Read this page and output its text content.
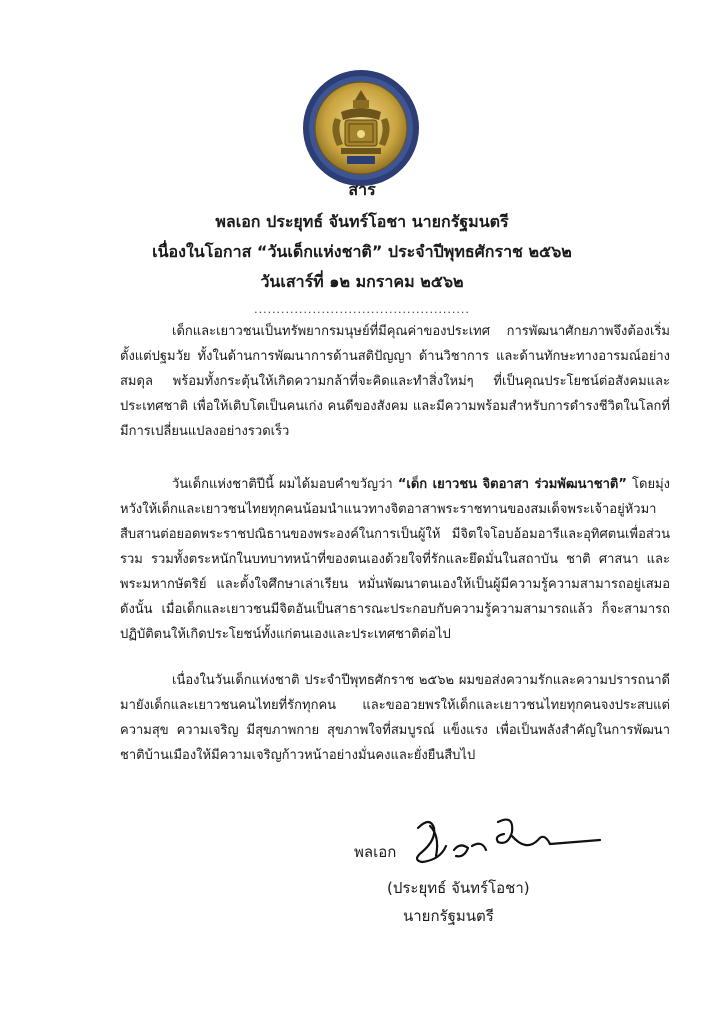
สาร
พลเอก ประยุทธ์ จันทร์โอชา นายกรัฐมนตรี
เนื่องในโอกาส “วันเด็กแห่งชาติ” ประจำปีพุทธศักราช ๒๕๖๒
วันเสาร์ที่ ๑๒ มกราคม ๒๕๖๒
................................................

เด็กและเยาวชนเป็นทรัพยากรมนุษย์ที่มีคุณค่าของประเทศ การพัฒนาศักยภาพจึงต้องเริ่มตั้งแต่ปฐมวัย ทั้งในด้านการพัฒนาการด้านสติปัญญา ด้านวิชาการ และด้านทักษะทางอารมณ์อย่างสมดุล พร้อมทั้งกระตุ้นให้เกิดความกล้าที่จะคิดและทำสิ่งใหม่ๆ ที่เป็นคุณประโยชน์ต่อสังคมและประเทศชาติ เพื่อให้เติบโตเป็นคนเก่ง คนดีของสังคม และมีความพร้อมสำหรับการดำรงชีวิตในโลกที่มีการเปลี่ยนแปลงอย่างรวดเร็ว

วันเด็กแห่งชาติปีนี้ ผมได้มอบคำขวัญว่า “เด็ก เยาวชน จิตอาสา ร่วมพัฒนาชาติ” โดยมุ่งหวังให้เด็กและเยาวชนไทยทุกคนน้อมนำแนวทางจิตอาสาพระราชทานของสมเด็จพระเจ้าอยู่หัวมาสืบสานต่อยอดพระราชปณิธานของพระองค์ในการเป็นผู้ให้ มีจิตใจโอบอ้อมอารีและอุทิศตนเพื่อส่วนรวม รวมทั้งตระหนักในบทบาทหน้าที่ของตนเองด้วยใจที่รักและยึดมั่นในสถาบัน ชาติ ศาสนา และพระมหากษัตริย์ และตั้งใจศึกษาเล่าเรียน หมั่นพัฒนาตนเองให้เป็นผู้มีความรู้ความสามารถอยู่เสมอ ดังนั้น เมื่อเด็กและเยาวชนมีจิตอันเป็นสาธารณะประกอบกับความรู้ความสามารถแล้ว ก็จะสามารถปฏิบัติตนให้เกิดประโยชน์ทั้งแก่ตนเองและประเทศชาติต่อไป

เนื่องในวันเด็กแห่งชาติ ประจำปีพุทธศักราช ๒๕๖๒ ผมขอส่งความรักและความปรารถนาดีมายังเด็กและเยาวชนคนไทยที่รักทุกคน และขออวยพรให้เด็กและเยาวชนไทยทุกคนจงประสบแต่ความสุข ความเจริญ มีสุขภาพกาย สุขภาพใจที่สมบูรณ์ แข็งแรง เพื่อเป็นพลังสำคัญในการพัฒนาชาติบ้านเมืองให้มีความเจริญก้าวหน้าอย่างมั่นคงและยั่งยืนสืบไป

พลเอก
(ประยุทธ์ จันทร์โอชา)
นายกรัฐมนตรี
